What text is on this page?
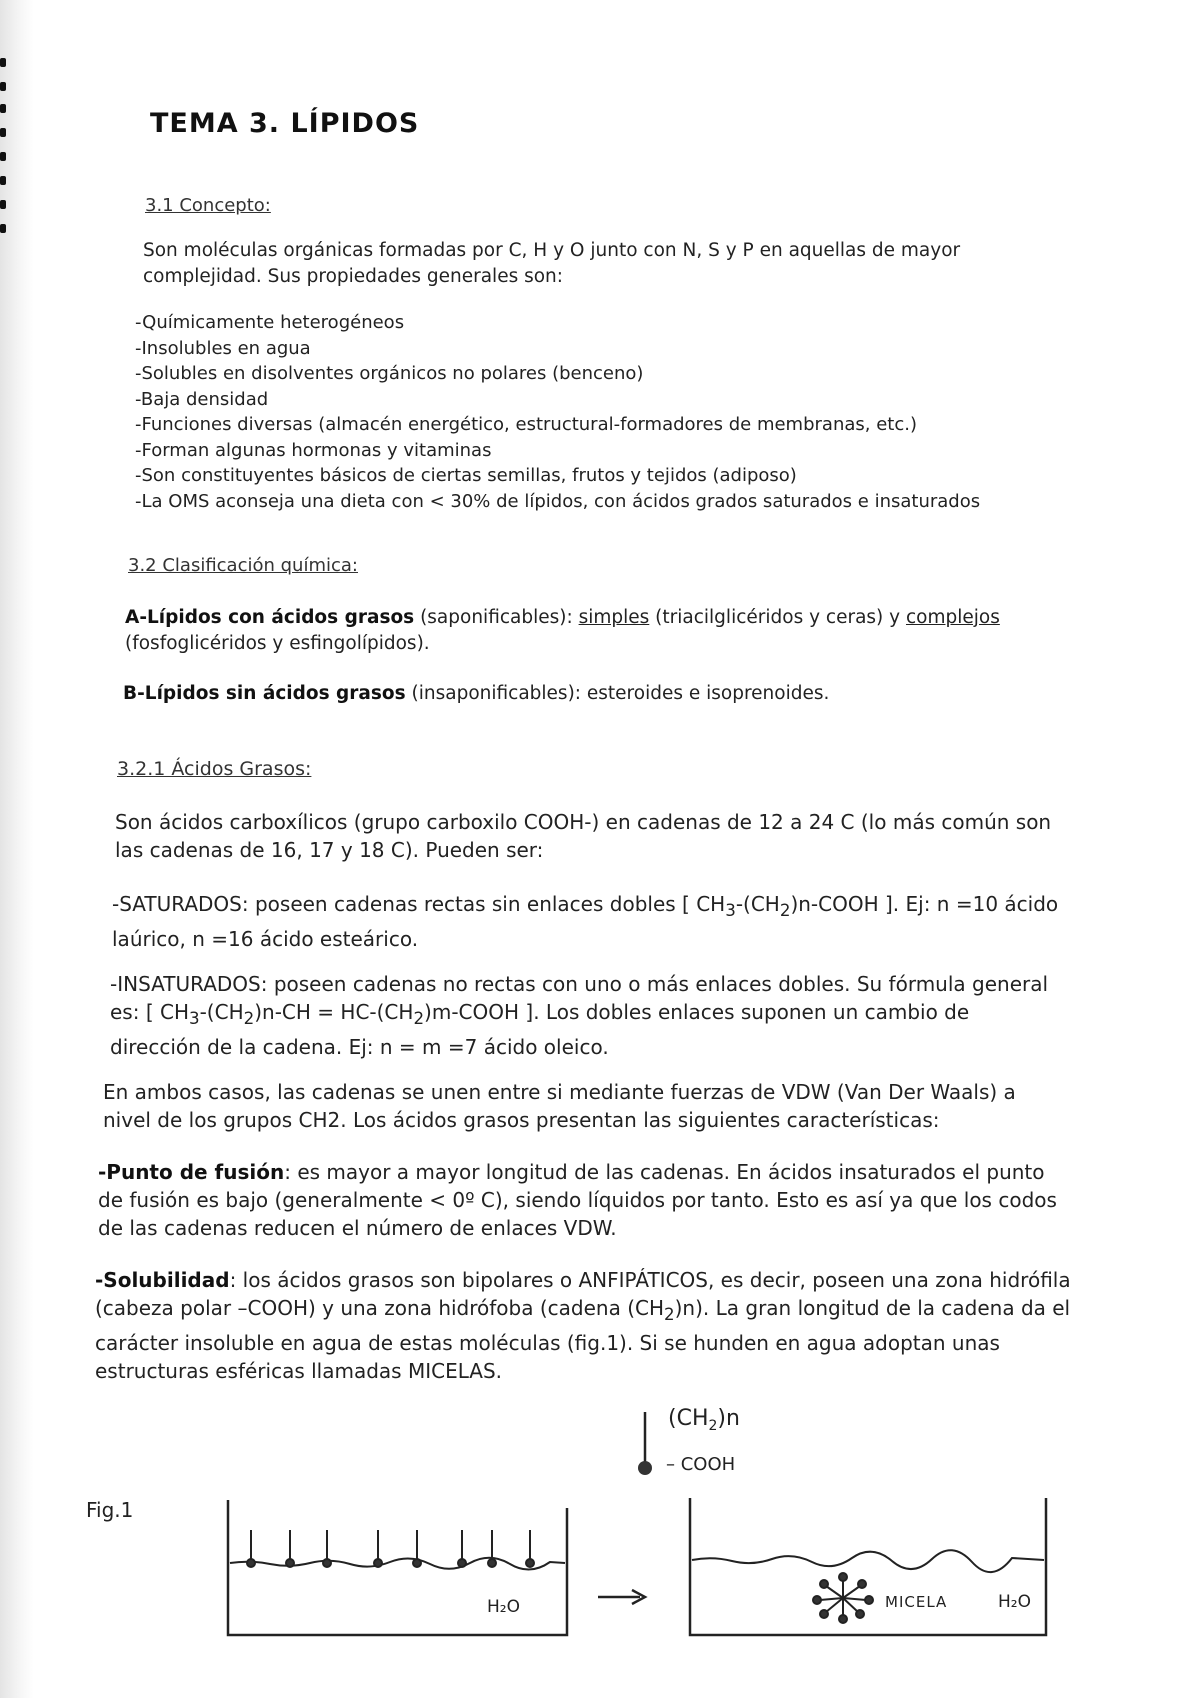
TEMA 3. LÍPIDOS
3.1 Concepto:
Son moléculas orgánicas formadas por C, H y O junto con N, S y P en aquellas de mayor complejidad. Sus propiedades generales son:
-Químicamente heterogéneos
-Insolubles en agua
-Solubles en disolventes orgánicos no polares (benceno)
-Baja densidad
-Funciones diversas (almacén energético, estructural-formadores de membranas, etc.)
-Forman algunas hormonas y vitaminas
-Son constituyentes básicos de ciertas semillas, frutos y tejidos (adiposo)
-La OMS aconseja una dieta con < 30% de lípidos, con ácidos grados saturados e insaturados
3.2 Clasificación química:
A-Lípidos con ácidos grasos (saponificables): simples (triacilglicéridos y ceras) y complejos (fosfoglicéridos y esfingolípidos).
B-Lípidos sin ácidos grasos (insaponificables): esteroides e isoprenoides.
3.2.1 Ácidos Grasos:
Son ácidos carboxílicos (grupo carboxilo COOH-) en cadenas de 12 a 24 C (lo más común son las cadenas de 16, 17 y 18 C). Pueden ser:
-SATURADOS: poseen cadenas rectas sin enlaces dobles [ $CH_3-(CH_2)n$-COOH ]. Ej: n =10 ácido laúrico, n =16 ácido esteárico.
-INSATURADOS: poseen cadenas no rectas con uno o más enlaces dobles. Su fórmula general es: [ $CH_3-(CH_2)n-CH$ = $HC-(CH_2)m$-COOH ]. Los dobles enlaces suponen un cambio de dirección de la cadena. Ej: n = m =7 ácido oleico.
En ambos casos, las cadenas se unen entre si mediante fuerzas de VDW (Van Der Waals) a nivel de los grupos CH2. Los ácidos grasos presentan las siguientes características:
-Punto de fusión: es mayor a mayor longitud de las cadenas. En ácidos insaturados el punto de fusión es bajo (generalmente < 0º C), siendo líquidos por tanto. Esto es así ya que los codos de las cadenas reducen el número de enlaces VDW.
-Solubilidad: los ácidos grasos son bipolares o ANFIPÁTICOS, es decir, poseen una zona hidrófila (cabeza polar –COOH) y una zona hidrófoba (cadena $(CH_2)n$). La gran longitud de la cadena da el carácter insoluble en agua de estas moléculas (fig.1). Si se hunden en agua adoptan unas estructuras esféricas llamadas MICELAS.
Fig.1
$(CH_2)n$
– COOH
H₂O	MICELA	H₂O
